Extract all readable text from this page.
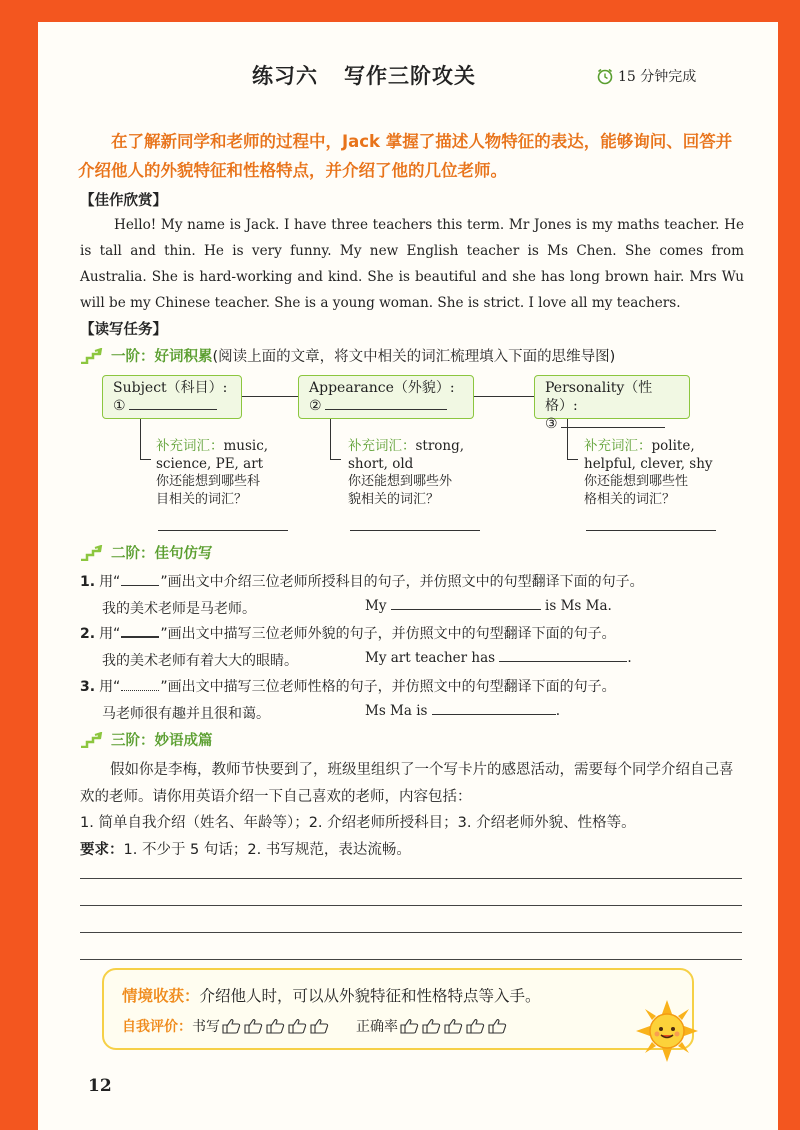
练习六 写作三阶攻关	15 分钟完成

在了解新同学和老师的过程中，Jack 掌握了描述人物特征的表达，能够询问、回答并介绍他人的外貌特征和性格特点，并介绍了他的几位老师。

【佳作欣赏】

Hello! My name is Jack. I have three teachers this term. Mr Jones is my maths teacher. He is tall and thin. He is very funny. My new English teacher is Ms Chen. She comes from Australia. She is hard-working and kind. She is beautiful and she has long brown hair. Mrs Wu will be my Chinese teacher. She is a young woman. She is strict. I love all my teachers.

【读写任务】
一阶：好词积累 (阅读上面的文章，将文中相关的词汇梳理填入下面的思维导图)
Subject（科目）:
①
Appearance（外貌）:
②
Personality（性格）:
③
补充词汇：music,
science, PE, art
你还能想到哪些科
目相关的词汇？
补充词汇：strong,
short, old
你还能想到哪些外
貌相关的词汇？
补充词汇：polite,
helpful, clever, shy
你还能想到哪些性
格相关的词汇？
二阶：佳句仿写
1. 用“	”画出文中介绍三位老师所授科目的句子，并仿照文中的句型翻译下面的句子。
我的美术老师是马老师。	My	is Ms Ma.
2. 用“	”画出文中描写三位老师外貌的句子，并仿照文中的句型翻译下面的句子。
我的美术老师有着大大的眼睛。	My art teacher has	.
3. 用“	”画出文中描写三位老师性格的句子，并仿照文中的句型翻译下面的句子。
马老师很有趣并且很和蔼。	Ms Ma is	.
三阶：妙语成篇

假如你是李梅，教师节快要到了，班级里组织了一个写卡片的感恩活动，需要每个同学介绍自己喜欢的老师。请你用英语介绍一下自己喜欢的老师，内容包括：

1. 简单自我介绍（姓名、年龄等）；2. 介绍老师所授科目；3. 介绍老师外貌、性格等。

要求：1. 不少于 5 句话；2. 书写规范，表达流畅。

情境收获：介绍他人时，可以从外貌特征和性格特点等入手。
自我评价： 书写	正确率
12
